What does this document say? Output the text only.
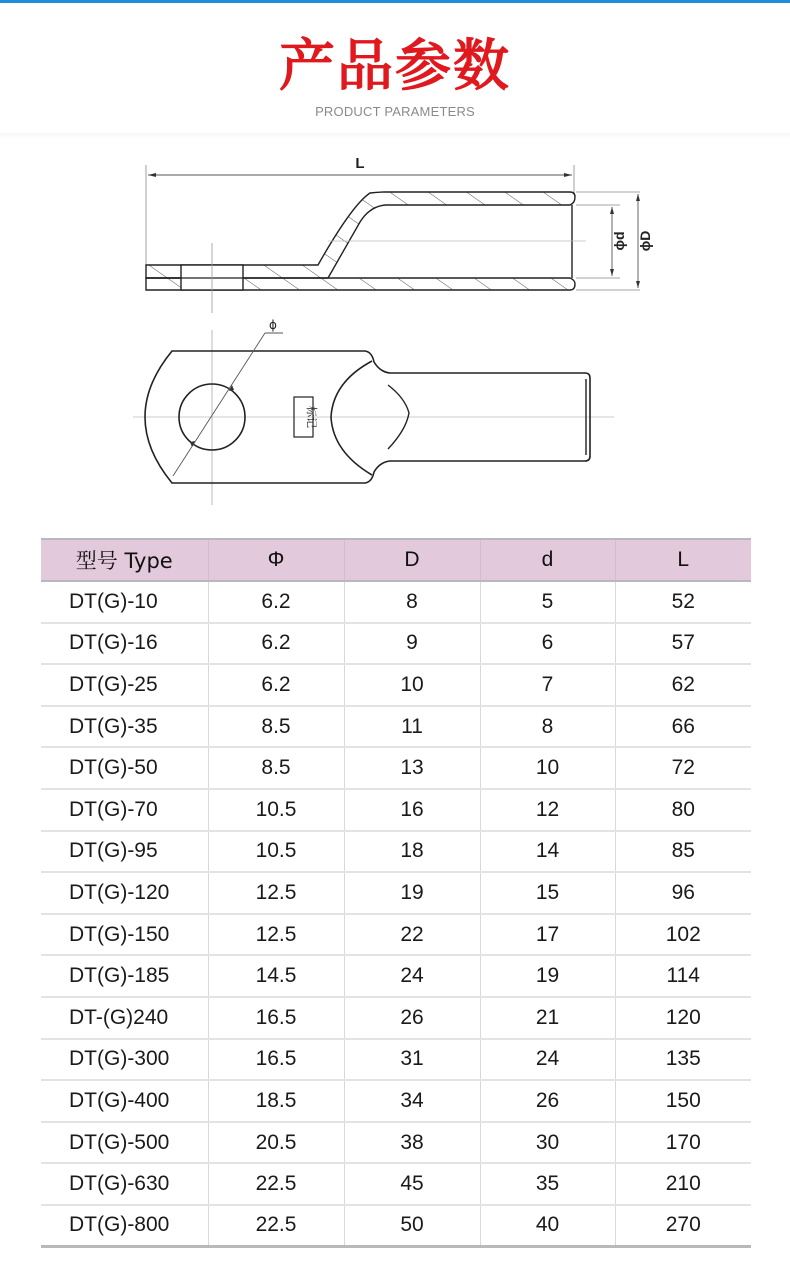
产品参数
PRODUCT PARAMETERS
L
ϕd ϕD
ϕ
标记
型号 Type	Φ	D	d	L
DT(G)-10	6.2	8	5	52
DT(G)-16	6.2	9	6	57
DT(G)-25	6.2	10	7	62
DT(G)-35	8.5	11	8	66
DT(G)-50	8.5	13	10	72
DT(G)-70	10.5	16	12	80
DT(G)-95	10.5	18	14	85
DT(G)-120	12.5	19	15	96
DT(G)-150	12.5	22	17	102
DT(G)-185	14.5	24	19	114
DT-(G)240	16.5	26	21	120
DT(G)-300	16.5	31	24	135
DT(G)-400	18.5	34	26	150
DT(G)-500	20.5	38	30	170
DT(G)-630	22.5	45	35	210
DT(G)-800	22.5	50	40	270
